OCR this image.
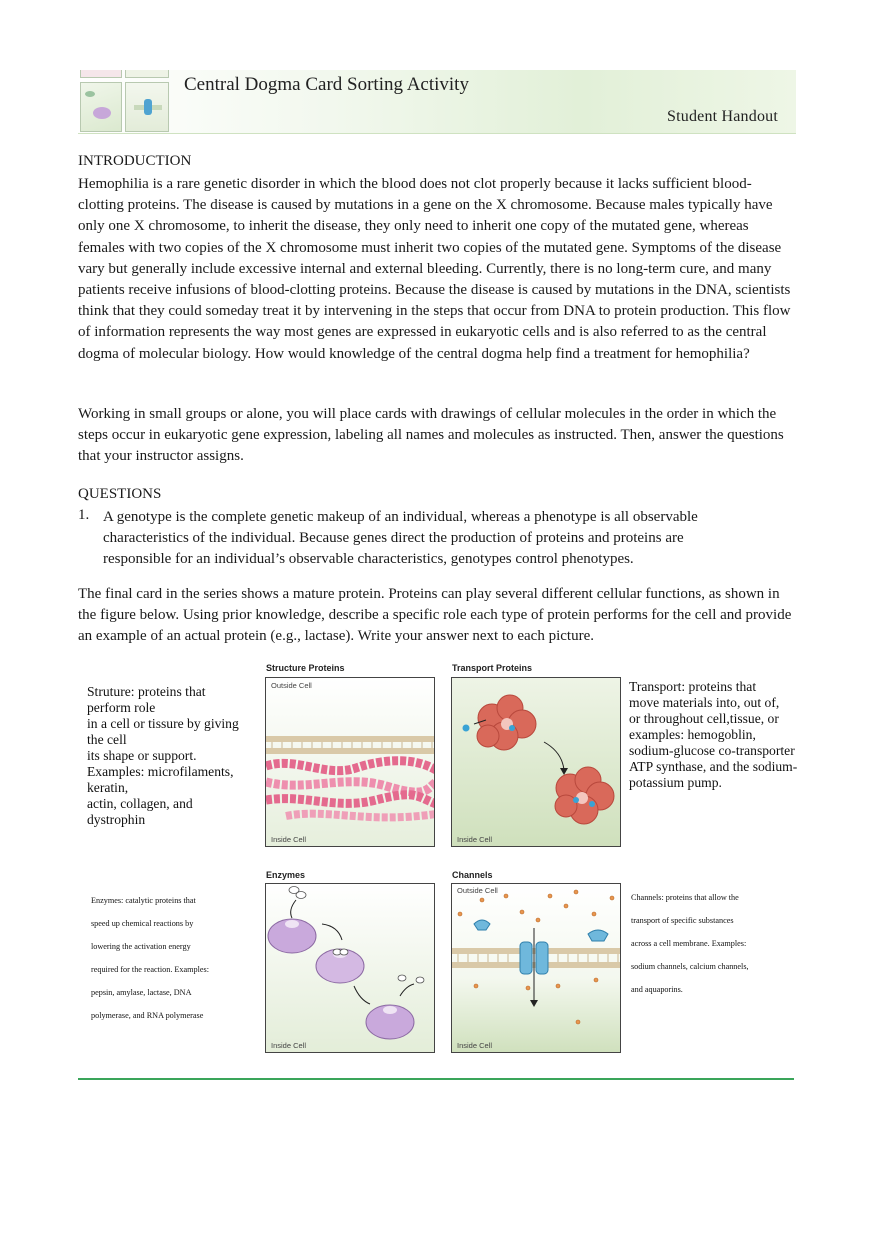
Central Dogma Card Sorting Activity
Student Handout
INTRODUCTION
Hemophilia is a rare genetic disorder in which the blood does not clot properly because it lacks sufficient blood-clotting proteins. The disease is caused by mutations in a gene on the X chromosome. Because males typically have only one X chromosome, to inherit the disease, they only need to inherit one copy of the mutated gene, whereas females with two copies of the X chromosome must inherit two copies of the mutated gene. Symptoms of the disease vary but generally include excessive internal and external bleeding. Currently, there is no long-term cure, and many patients receive infusions of blood-clotting proteins. Because the disease is caused by mutations in the DNA, scientists think that they could someday treat it by intervening in the steps that occur from DNA to protein production. This flow of information represents the way most genes are expressed in eukaryotic cells and is also referred to as the central dogma of molecular biology. How would knowledge of the central dogma help find a treatment for hemophilia?
Working in small groups or alone, you will place cards with drawings of cellular molecules in the order in which the steps occur in eukaryotic gene expression, labeling all names and molecules as instructed. Then, answer the questions that your instructor assigns.
QUESTIONS
1. A genotype is the complete genetic makeup of an individual, whereas a phenotype is all observable characteristics of the individual. Because genes direct the production of proteins and proteins are responsible for an individual’s observable characteristics, genotypes control phenotypes.
The final card in the series shows a mature protein. Proteins can play several different cellular functions, as shown in the figure below. Using prior knowledge, describe a specific role each type of protein performs for the cell and provide an example of an actual protein (e.g., lactase). Write your answer next to each picture.
Structure Proteins
Outside Cell
Inside Cell
Transport Proteins
Inside Cell
Enzymes
Inside Cell
Channels
Outside Cell
Inside Cell
Struture: proteins that
perform role
in a cell or tissure by giving
the cell
its shape or support.
Examples: microfilaments,
keratin,
actin, collagen, and
dystrophin
Transport: proteins that
move materials into, out of,
or throughout cell,tissue, or
examples: hemogoblin,
sodium-glucose co-transporter
ATP synthase, and the sodium-
potassium pump.
Enzymes: catalytic proteins that
speed up chemical reactions by
lowering the activation energy
required for the reaction. Examples:
pepsin, amylase, lactase, DNA
polymerase, and RNA polymerase
Channels: proteins that allow the
transport of specific substances
across a cell membrane. Examples:
sodium channels, calcium channels,
and aquaporins.
